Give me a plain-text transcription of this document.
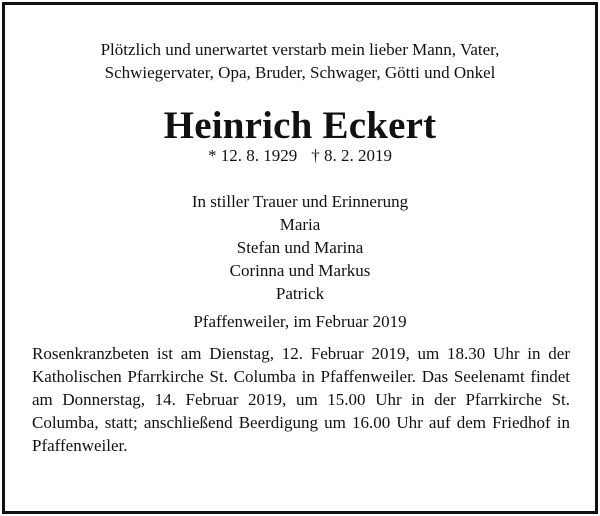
Plötzlich und unerwartet verstarb mein lieber Mann, Vater,
Schwiegervater, Opa, Bruder, Schwager, Götti und Onkel
Heinrich Eckert
* 12. 8. 1929 † 8. 2. 2019
In stiller Trauer und Erinnerung
Maria
Stefan und Marina
Corinna und Markus
Patrick
Pfaffenweiler, im Februar 2019
Rosenkranzbeten ist am Dienstag, 12. Februar 2019, um 18.30 Uhr in der Katholischen Pfarrkirche St. Columba in Pfaffenweiler. Das Seelenamt findet am Donnerstag, 14. Februar 2019, um 15.00 Uhr in der Pfarrkirche St. Columba, statt; anschließend Beerdigung um 16.00 Uhr auf dem Friedhof in Pfaffenweiler.
